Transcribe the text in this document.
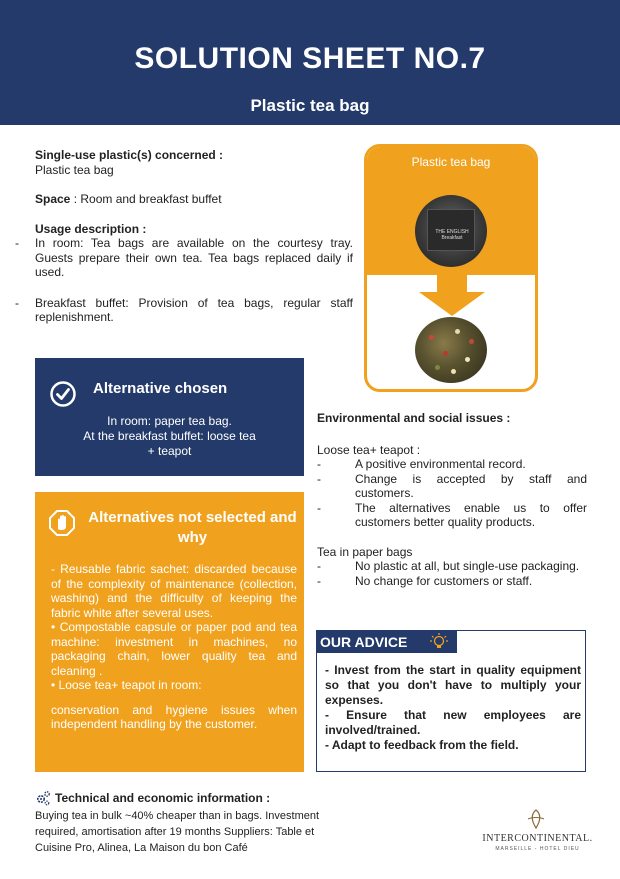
SOLUTION SHEET NO.7
Plastic tea bag
Single-use plastic(s) concerned :
Plastic tea bag
Space : Room and breakfast buffet
Usage description :
- In room: Tea bags are available on the courtesy tray. Guests prepare their own tea. Tea bags replaced daily if used.
- Breakfast buffet: Provision of tea bags, regular staff replenishment.
Plastic tea bag
THE ENGLISH
Breakfast
Alternative chosen
In room: paper tea bag.
At the breakfast buffet: loose tea
+ teapot
Alternatives not selected and why

- Reusable fabric sachet: discarded because of the complexity of maintenance (collection, washing) and the difficulty of keeping the fabric white after several uses.

• Compostable capsule or paper pod and tea machine: investment in machines, no packaging chain, lower quality tea and cleaning .

• Loose tea+ teapot in room:

conservation and hygiene issues when independent handling by the customer.

Environmental and social issues :
Loose tea+ teapot :
- A positive environmental record.
- Change is accepted by staff and customers.
- The alternatives enable us to offer customers better quality products.
Tea in paper bags
- No plastic at all, but single-use packaging.
- No change for customers or staff.
OUR ADVICE
- Invest from the start in quality equipment so that you don't have to multiply your expenses.
- Ensure that new employees are involved/trained.
- Adapt to feedback from the field.
Technical and economic information :
Buying tea in bulk ~40% cheaper than in bags. Investment required, amortisation after 19 months Suppliers: Table et Cuisine Pro, Alinea, La Maison du bon Café
INTERCONTINENTAL.
MARSEILLE - HOTEL DIEU
